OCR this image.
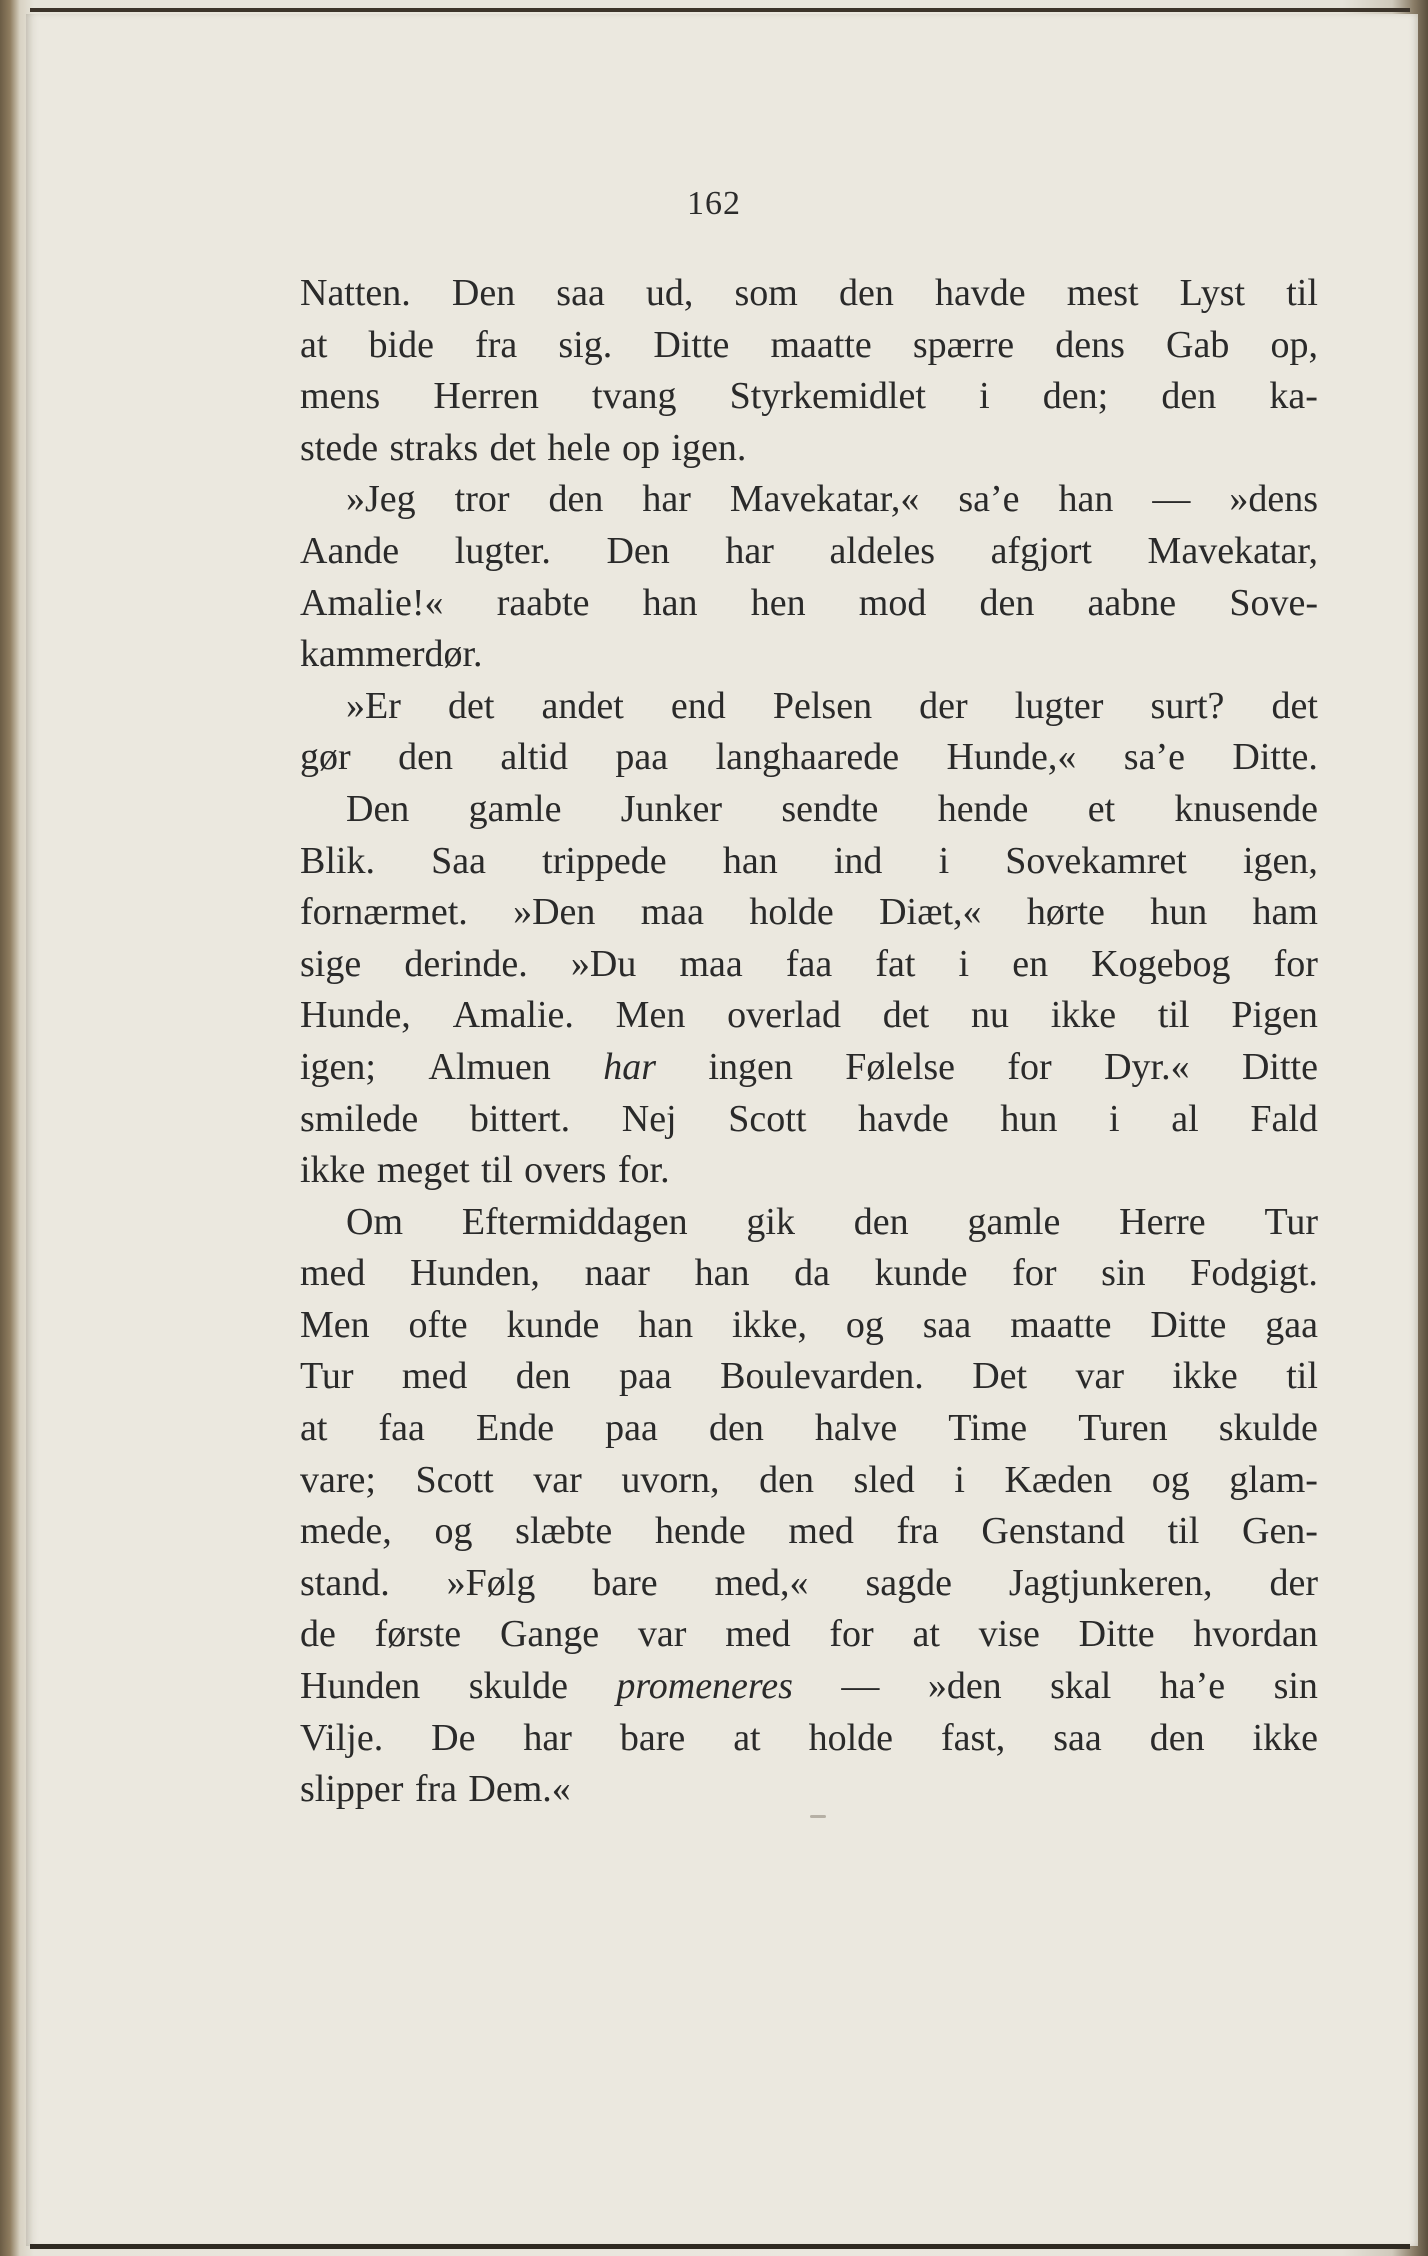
162
Natten. Den saa ud, som den havde mest Lyst til
at bide fra sig. Ditte maatte spærre dens Gab op,
mens Herren tvang Styrkemidlet i den; den ka-
stede straks det hele op igen.
»Jeg tror den har Mavekatar,« sa’e han — »dens
Aande lugter. Den har aldeles afgjort Mavekatar,
Amalie!« raabte han hen mod den aabne Sove-
kammerdør.
»Er det andet end Pelsen der lugter surt? det
gør den altid paa langhaarede Hunde,« sa’e Ditte.
Den gamle Junker sendte hende et knusende
Blik. Saa trippede han ind i Sovekamret igen,
fornærmet. »Den maa holde Diæt,« hørte hun ham
sige derinde. »Du maa faa fat i en Kogebog for
Hunde, Amalie. Men overlad det nu ikke til Pigen
igen; Almuen har ingen Følelse for Dyr.« Ditte
smilede bittert. Nej Scott havde hun i al Fald
ikke meget til overs for.
Om Eftermiddagen gik den gamle Herre Tur
med Hunden, naar han da kunde for sin Fodgigt.
Men ofte kunde han ikke, og saa maatte Ditte gaa
Tur med den paa Boulevarden. Det var ikke til
at faa Ende paa den halve Time Turen skulde
vare; Scott var uvorn, den sled i Kæden og glam-
mede, og slæbte hende med fra Genstand til Gen-
stand. »Følg bare med,« sagde Jagtjunkeren, der
de første Gange var med for at vise Ditte hvordan
Hunden skulde promeneres — »den skal ha’e sin
Vilje. De har bare at holde fast, saa den ikke
slipper fra Dem.«
